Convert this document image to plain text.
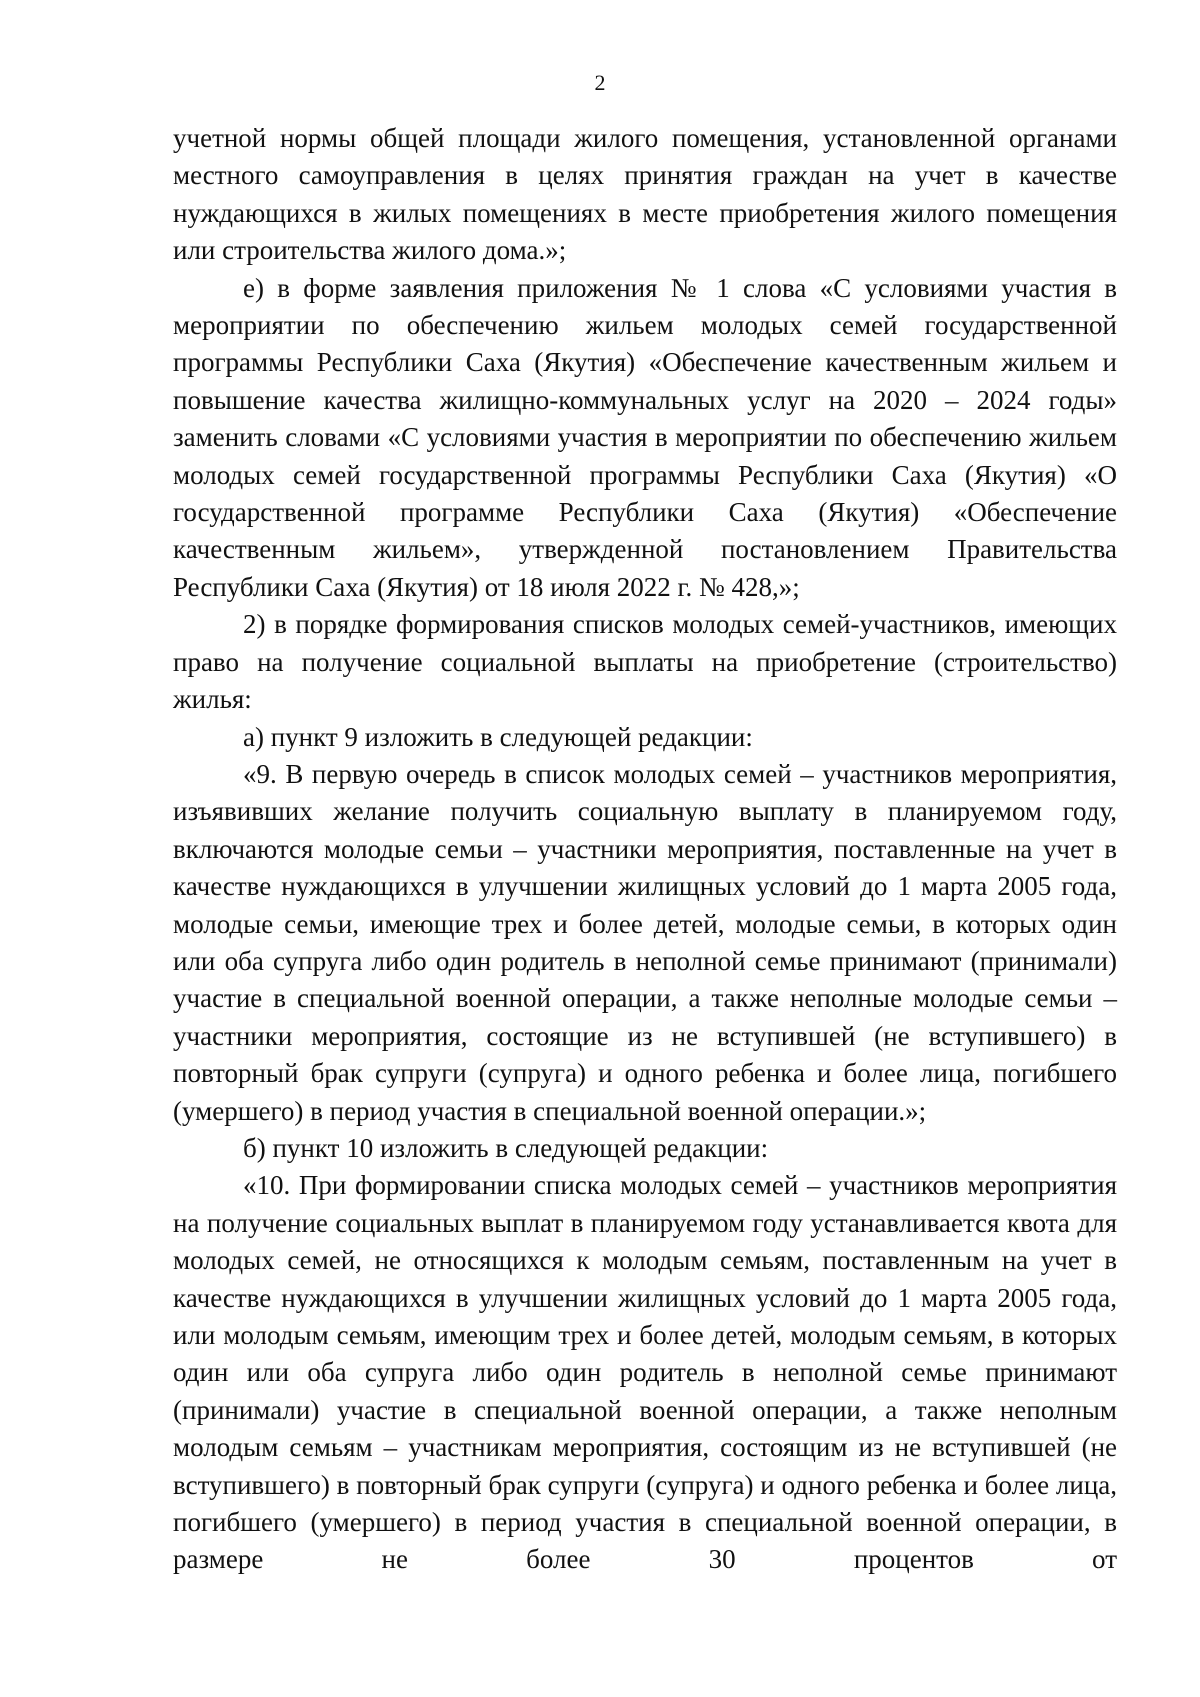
2

учетной нормы общей площади жилого помещения, установленной органами местного самоуправления в целях принятия граждан на учет в качестве нуждающихся в жилых помещениях в месте приобретения жилого помещения или строительства жилого дома.»;

е) в форме заявления приложения № 1 слова «С условиями участия в мероприятии по обеспечению жильем молодых семей государственной программы Республики Саха (Якутия) «Обеспечение качественным жильем и повышение качества жилищно-коммунальных услуг на 2020 – 2024 годы» заменить словами «С условиями участия в мероприятии по обеспечению жильем молодых семей государственной программы Республики Саха (Якутия) «О государственной программе Республики Саха (Якутия) «Обеспечение качественным жильем», утвержденной постановлением Правительства Республики Саха (Якутия) от 18 июля 2022 г. № 428,»;

2) в порядке формирования списков молодых семей-участников, имеющих право на получение социальной выплаты на приобретение (строительство) жилья:

а) пункт 9 изложить в следующей редакции:

«9. В первую очередь в список молодых семей – участников мероприятия, изъявивших желание получить социальную выплату в планируемом году, включаются молодые семьи – участники мероприятия, поставленные на учет в качестве нуждающихся в улучшении жилищных условий до 1 марта 2005 года, молодые семьи, имеющие трех и более детей, молодые семьи, в которых один или оба супруга либо один родитель в неполной семье принимают (принимали) участие в специальной военной операции, а также неполные молодые семьи – участники мероприятия, состоящие из не вступившей (не вступившего) в повторный брак супруги (супруга) и одного ребенка и более лица, погибшего (умершего) в период участия в специальной военной операции.»;

б) пункт 10 изложить в следующей редакции:

«10. При формировании списка молодых семей – участников мероприятия на получение социальных выплат в планируемом году устанавливается квота для молодых семей, не относящихся к молодым семьям, поставленным на учет в качестве нуждающихся в улучшении жилищных условий до 1 марта 2005 года, или молодым семьям, имеющим трех и более детей, молодым семьям, в которых один или оба супруга либо один родитель в неполной семье принимают (принимали) участие в специальной военной операции, а также неполным молодым семьям – участникам мероприятия, состоящим из не вступившей (не вступившего) в повторный брак супруги (супруга) и одного ребенка и более лица, погибшего (умершего) в период участия в специальной военной операции, в размере не более 30 процентов от
